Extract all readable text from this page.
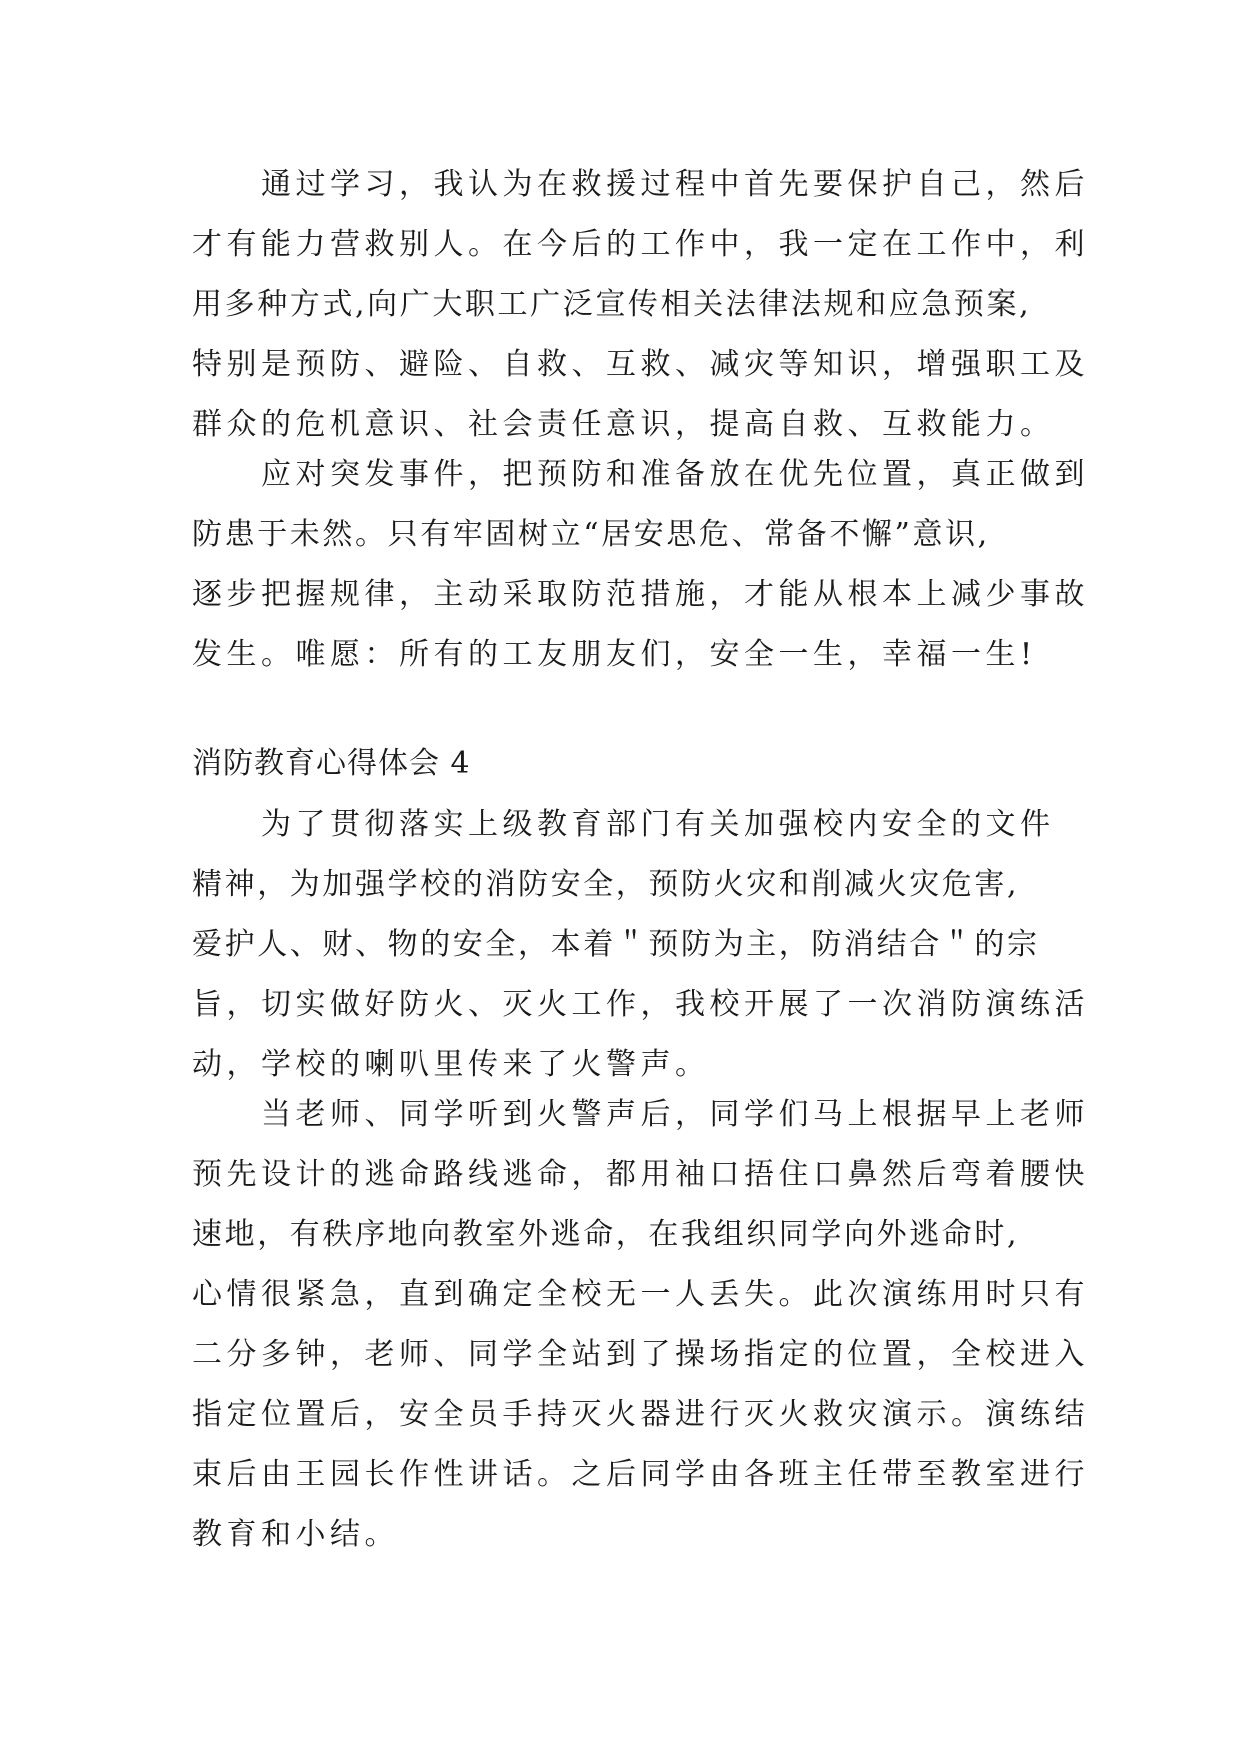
　　通过学习，我认为在救援过程中首先要保护自己，然后
才有能力营救别人。在今后的工作中，我一定在工作中，利
用多种方式,向广大职工广泛宣传相关法律法规和应急预案,
特别是预防、避险、自救、互救、减灾等知识，增强职工及
群众的危机意识、社会责任意识，提高自救、互救能力。
　　应对突发事件，把预防和准备放在优先位置，真正做到
防患于未然。只有牢固树立“居安思危、常备不懈”意识,
逐步把握规律，主动采取防范措施，才能从根本上减少事故
发生。唯愿：所有的工友朋友们，安全一生，幸福一生!
消防教育心得体会 4
　　为了贯彻落实上级教育部门有关加强校内安全的文件
精神，为加强学校的消防安全，预防火灾和削减火灾危害,
爱护人、财、物的安全，本着＂预防为主，防消结合＂的宗
旨，切实做好防火、灭火工作，我校开展了一次消防演练活
动，学校的喇叭里传来了火警声。
　　当老师、同学听到火警声后，同学们马上根据早上老师
预先设计的逃命路线逃命，都用袖口捂住口鼻然后弯着腰快
速地，有秩序地向教室外逃命，在我组织同学向外逃命时,
心情很紧急，直到确定全校无一人丢失。此次演练用时只有
二分多钟，老师、同学全站到了操场指定的位置，全校进入
指定位置后，安全员手持灭火器进行灭火救灾演示。演练结
束后由王园长作性讲话。之后同学由各班主任带至教室进行
教育和小结。
